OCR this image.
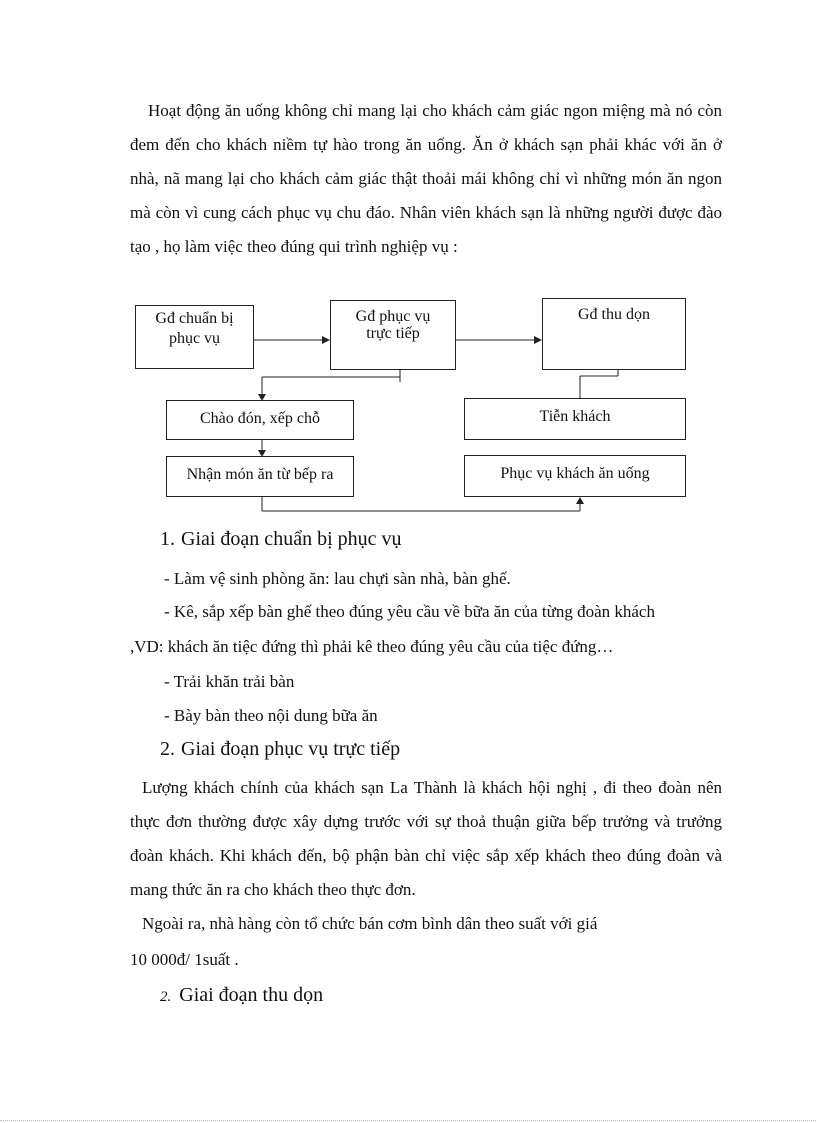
Hoạt động ăn uống không chỉ mang lại cho khách cảm giác ngon miệng mà nó còn đem đến cho khách niềm tự hào trong ăn uống. Ăn ở khách sạn phải khác với ăn ở nhà, nã mang lại cho khách cảm giác thật thoải mái không chỉ vì những món ăn ngon mà còn vì cung cách phục vụ chu đáo. Nhân viên khách sạn là những người được đào tạo , họ làm việc theo đúng qui trình nghiệp vụ :

Gđ chuẩn bị
phục vụ
Gđ phục vụ
trực tiếp
Gđ thu dọn
Chào đón, xếp chỗ
Nhận món ăn từ bếp ra
Tiễn khách
Phục vụ khách ăn uống
1. Giai đoạn chuẩn bị phục vụ

- Làm vệ sinh phòng ăn: lau chựi sàn nhà, bàn ghế.

- Kê, sắp xếp bàn ghế theo đúng yêu cầu về bữa ăn của từng đoàn khách

,VD: khách ăn tiệc đứng thì phải kê theo đúng yêu cầu của tiệc đứng…

- Trải khăn trải bàn

- Bày bàn theo nội dung bữa ăn

2. Giai đoạn phục vụ trực tiếp

Lượng khách chính của khách sạn La Thành là khách hội nghị , đi theo đoàn nên thực đơn thường được xây dựng trước với sự thoả thuận giữa bếp trưởng và trưởng đoàn khách. Khi khách đến, bộ phận bàn chỉ việc sắp xếp khách theo đúng đoàn và mang thức ăn ra cho khách theo thực đơn.

Ngoài ra, nhà hàng còn tổ chức bán cơm bình dân theo suất với giá

10 000đ/ 1suất .

2. Giai đoạn thu dọn
